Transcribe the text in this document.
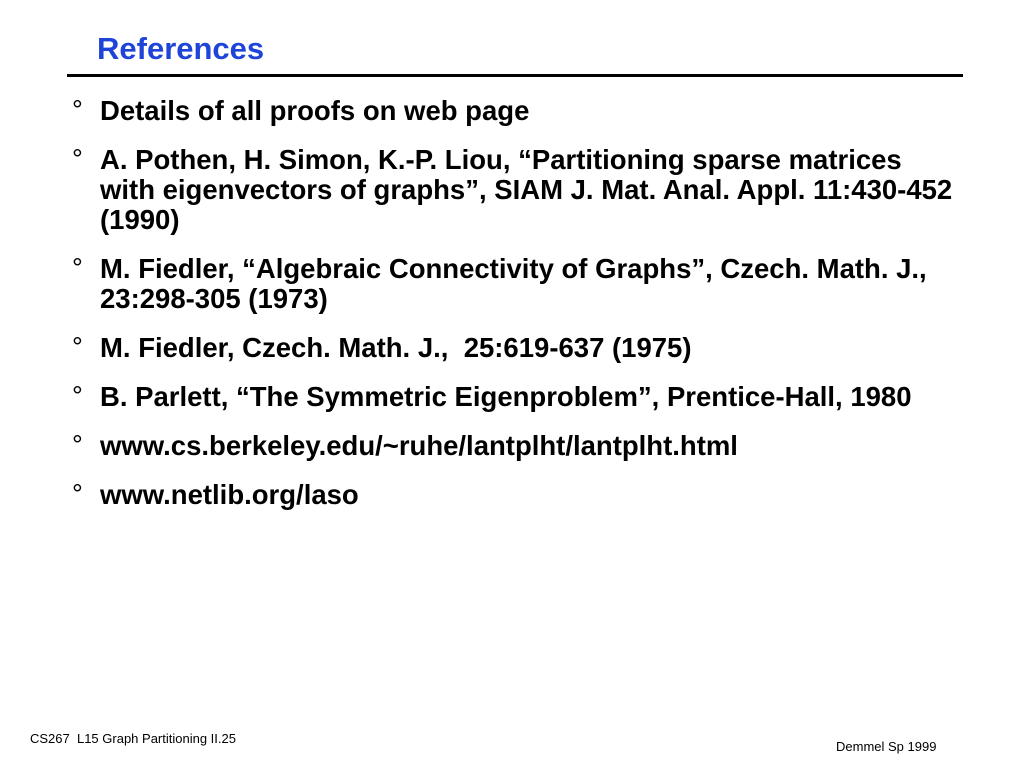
References
° Details of all proofs on web page
° A. Pothen, H. Simon, K.-P. Liou, “Partitioning sparse matrices with eigenvectors of graphs”, SIAM J. Mat. Anal. Appl. 11:430-452 (1990)
° M. Fiedler, “Algebraic Connectivity of Graphs”, Czech. Math. J., 23:298-305 (1973)
° M. Fiedler, Czech. Math. J.,  25:619-637 (1975)
° B. Parlett, “The Symmetric Eigenproblem”, Prentice-Hall, 1980
° www.cs.berkeley.edu/~ruhe/lantplht/lantplht.html
° www.netlib.org/laso
CS267  L15 Graph Partitioning II.25
Demmel Sp 1999
